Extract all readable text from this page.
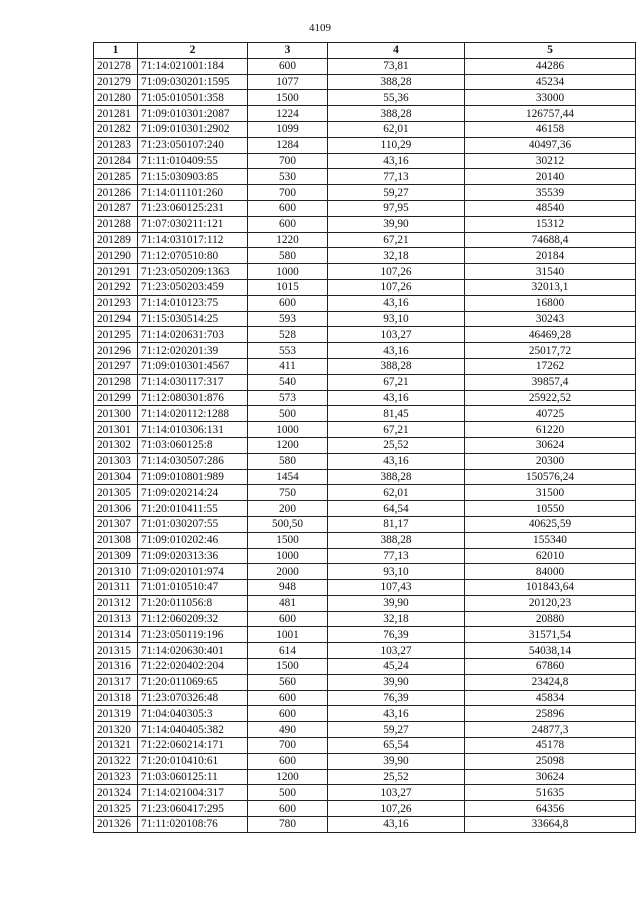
4109
1	2	3	4	5
201278	71:14:021001:184	600	73,81	44286
201279	71:09:030201:1595	1077	388,28	45234
201280	71:05:010501:358	1500	55,36	33000
201281	71:09:010301:2087	1224	388,28	126757,44
201282	71:09:010301:2902	1099	62,01	46158
201283	71:23:050107:240	1284	110,29	40497,36
201284	71:11:010409:55	700	43,16	30212
201285	71:15:030903:85	530	77,13	20140
201286	71:14:011101:260	700	59,27	35539
201287	71:23:060125:231	600	97,95	48540
201288	71:07:030211:121	600	39,90	15312
201289	71:14:031017:112	1220	67,21	74688,4
201290	71:12:070510:80	580	32,18	20184
201291	71:23:050209:1363	1000	107,26	31540
201292	71:23:050203:459	1015	107,26	32013,1
201293	71:14:010123:75	600	43,16	16800
201294	71:15:030514:25	593	93,10	30243
201295	71:14:020631:703	528	103,27	46469,28
201296	71:12:020201:39	553	43,16	25017,72
201297	71:09:010301:4567	411	388,28	17262
201298	71:14:030117:317	540	67,21	39857,4
201299	71:12:080301:876	573	43,16	25922,52
201300	71:14:020112:1288	500	81,45	40725
201301	71:14:010306:131	1000	67,21	61220
201302	71:03:060125:8	1200	25,52	30624
201303	71:14:030507:286	580	43,16	20300
201304	71:09:010801:989	1454	388,28	150576,24
201305	71:09:020214:24	750	62,01	31500
201306	71:20:010411:55	200	64,54	10550
201307	71:01:030207:55	500,50	81,17	40625,59
201308	71:09:010202:46	1500	388,28	155340
201309	71:09:020313:36	1000	77,13	62010
201310	71:09:020101:974	2000	93,10	84000
201311	71:01:010510:47	948	107,43	101843,64
201312	71:20:011056:8	481	39,90	20120,23
201313	71:12:060209:32	600	32,18	20880
201314	71:23:050119:196	1001	76,39	31571,54
201315	71:14:020630:401	614	103,27	54038,14
201316	71:22:020402:204	1500	45,24	67860
201317	71:20:011069:65	560	39,90	23424,8
201318	71:23:070326:48	600	76,39	45834
201319	71:04:040305:3	600	43,16	25896
201320	71:14:040405:382	490	59,27	24877,3
201321	71:22:060214:171	700	65,54	45178
201322	71:20:010410:61	600	39,90	25098
201323	71:03:060125:11	1200	25,52	30624
201324	71:14:021004:317	500	103,27	51635
201325	71:23:060417:295	600	107,26	64356
201326	71:11:020108:76	780	43,16	33664,8
